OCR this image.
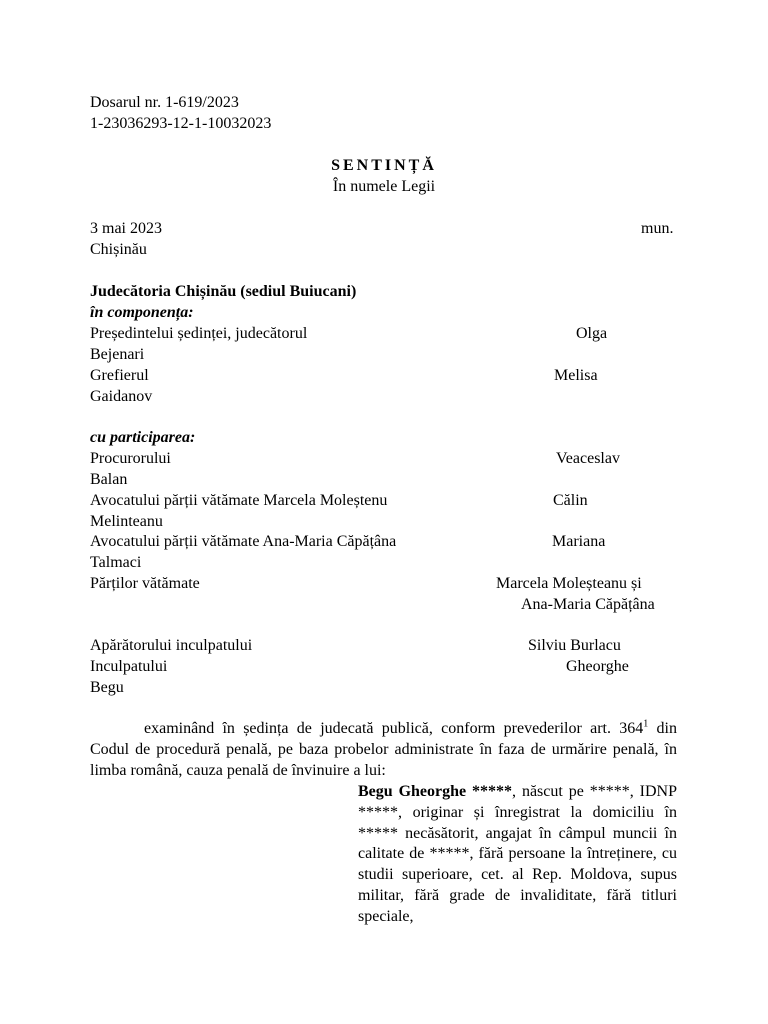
Dosarul nr. 1-619/2023
1-23036293-12-1-10032023
SENTINȚĂ
În numele Legii
3 mai 2023	mun.
Chișinău
Judecătoria Chișinău (sediul Buiucani)
în componența:
Președintelui ședinței, judecătorul	Olga
Bejenari
Grefierul	Melisa
Gaidanov
cu participarea:
Procurorului	Veaceslav
Balan
Avocatului părții vătămate Marcela Moleștenu	Călin
Melinteanu
Avocatului părții vătămate Ana-Maria Căpățâna	Mariana
Talmaci
Părților vătămate	Marcela Moleșteanu și
Ana-Maria Căpățâna
Apărătorului inculpatului	Silviu Burlacu
Inculpatului	Gheorghe
Begu
examinând în ședința de judecată publică, conform prevederilor art. $364^1$ din Codul de procedură penală, pe baza probelor administrate în faza de urmărire penală, în limba română, cauza penală de învinuire a lui:
Begu Gheorghe *****, născut pe *****, IDNP *****, originar și înregistrat la domiciliu în ***** necăsătorit, angajat în câmpul muncii în calitate de *****, fără persoane la întreținere, cu studii superioare, cet. al Rep. Moldova, supus militar, fără grade de invaliditate, fără titluri speciale,
